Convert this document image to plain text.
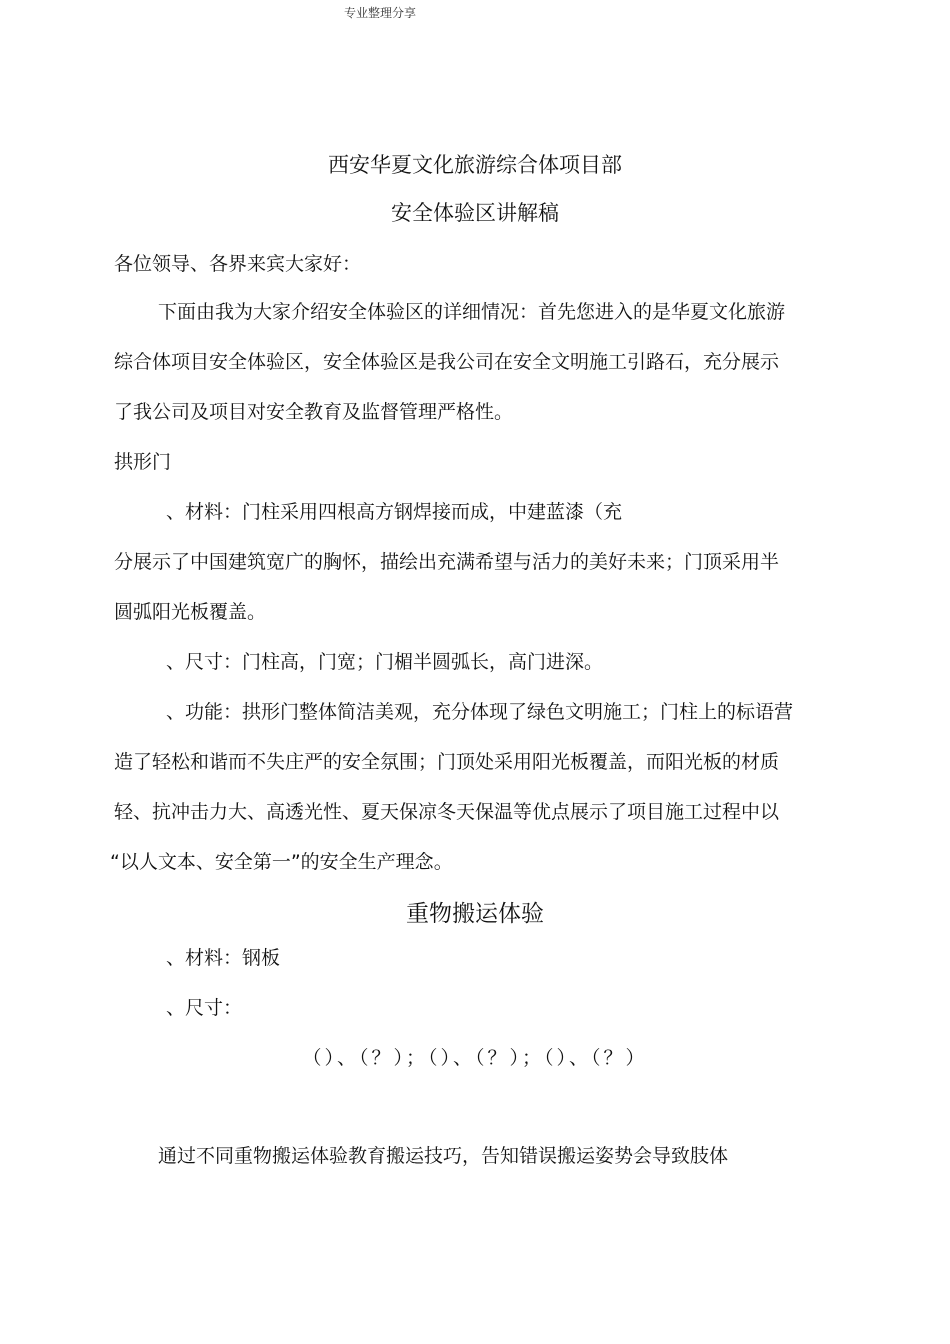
专业整理分享
西安华夏文化旅游综合体项目部
安全体验区讲解稿
各位领导、各界来宾大家好：
下面由我为大家介绍安全体验区的详细情况：首先您进入的是华夏文化旅游
综合体项目安全体验区，安全体验区是我公司在安全文明施工引路石，充分展示
了我公司及项目对安全教育及监督管理严格性。
拱形门
、材料：门柱采用四根高方钢焊接而成，中建蓝漆（充
分展示了中国建筑宽广的胸怀，描绘出充满希望与活力的美好未来；门顶采用半
圆弧阳光板覆盖。
、尺寸：门柱高，门宽；门楣半圆弧长，高门进深。
、功能：拱形门整体简洁美观，充分体现了绿色文明施工；门柱上的标语营
造了轻松和谐而不失庄严的安全氛围；门顶处采用阳光板覆盖，而阳光板的材质
轻、抗冲击力大、高透光性、夏天保凉冬天保温等优点展示了项目施工过程中以
“以人文本、安全第一”的安全生产理念。
重物搬运体验
、材料：钢板
、尺寸：
（）、（？）；（）、（？）；（）、（？）
通过不同重物搬运体验教育搬运技巧，告知错误搬运姿势会导致肢体
